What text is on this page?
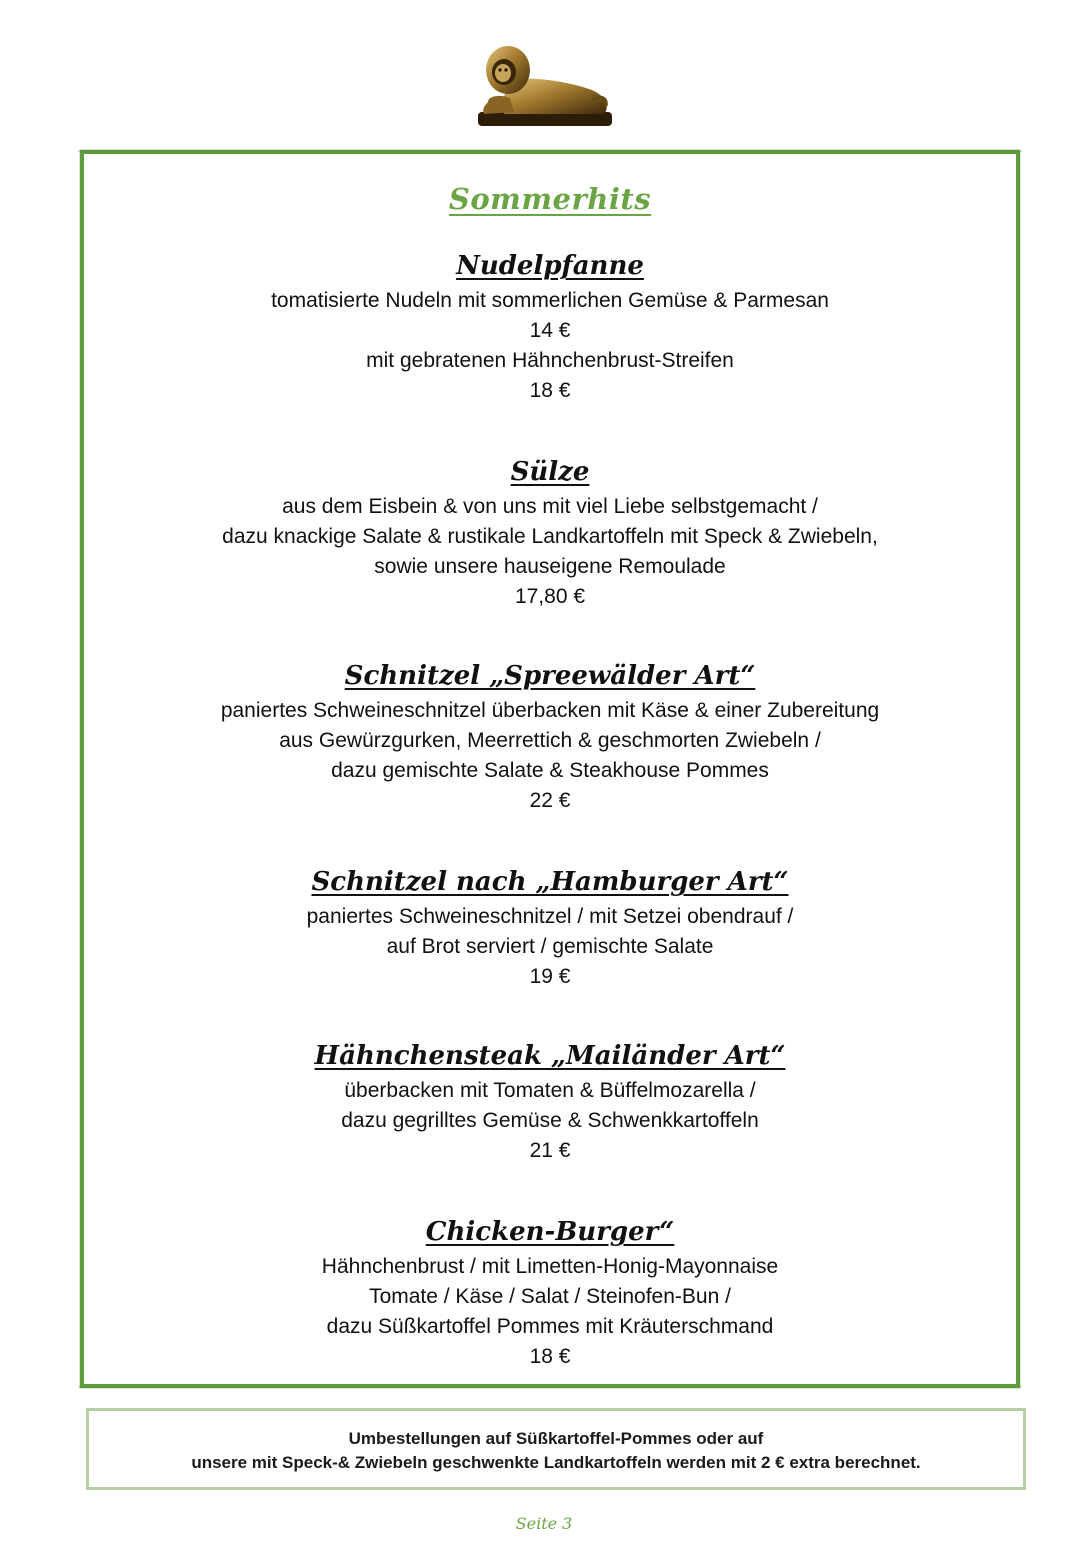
Sommerhits
Nudelpfanne
tomatisierte Nudeln mit sommerlichen Gemüse & Parmesan
14 €
mit gebratenen Hähnchenbrust-Streifen
18 €
Sülze
aus dem Eisbein & von uns mit viel Liebe selbstgemacht /
dazu knackige Salate & rustikale Landkartoffeln mit Speck & Zwiebeln,
sowie unsere hauseigene Remoulade
17,80 €
Schnitzel „Spreewälder Art“
paniertes Schweineschnitzel überbacken mit Käse & einer Zubereitung
aus Gewürzgurken, Meerrettich & geschmorten Zwiebeln /
dazu gemischte Salate & Steakhouse Pommes
22 €
Schnitzel nach „Hamburger Art“
paniertes Schweineschnitzel / mit Setzei obendrauf /
auf Brot serviert / gemischte Salate
19 €
Hähnchensteak „Mailänder Art“
überbacken mit Tomaten & Büffelmozarella /
dazu gegrilltes Gemüse & Schwenkkartoffeln
21 €
Chicken-Burger“
Hähnchenbrust / mit Limetten-Honig-Mayonnaise
Tomate / Käse / Salat / Steinofen-Bun /
dazu Süßkartoffel Pommes mit Kräuterschmand
18 €
Umbestellungen auf Süßkartoffel-Pommes oder auf
unsere mit Speck-& Zwiebeln geschwenkte Landkartoffeln werden mit 2 € extra berechnet.
Seite 3
